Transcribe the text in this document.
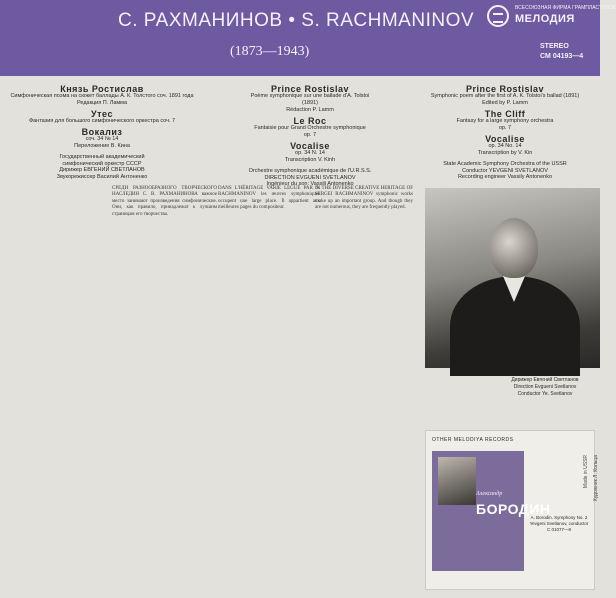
С. РАХМАНИНОВ • S. RACHMANINOV
(1873—1943)
ВСЕСОЮЗНАЯ ФИРМА ГРАМПЛАСТИНОК
МЕЛОДИЯ
STEREO
CM 04193—4
Князь Ростислав
Симфоническая поэма на сюжет баллады А. К. Толстого соч. 1891 года
Редакция П. Ламма
Утес
Фантазия для большого симфонического оркестра соч. 7
Вокализ
соч. 34 № 14
Переложение В. Кина
Государственный академический
симфонический оркестр СССР
Дирижер ЕВГЕНИЙ СВЕТЛАНОВ
Звукорежиссер Василий Антоненко
Prince Rostislav
Poème symphonique sur une ballade d'A. Tolstoi
(1891)
Rédaction P. Lamm
Le Roc
Fantaisie pour Grand Orchestre symphonique
op. 7
Vocalise
op. 34 N. 14
Transcription V. Kinh
Orchestre symphonique académique de l'U.R.S.S.
DIRECTION EVGUENI SVETLANOV
Ingénieur du son: Vassili Antonenko
Prince Rostislav
Symphonic poem after the first of A. K. Tolstoi's ballad (1891)
Edited by P. Lamm
The Cliff
Fantasy for a large symphony orchestra
op. 7
Vocalise
op. 34 No. 14
Transcription by V. Kin
State Academic Symphony Orchestra of the USSR
Conductor YEVGENI SVETLANOV
Recording engineer Vassily Antonenko
СРЕДИ РАЗНООБРАЗНОГО ТВОРЧЕСКОГО НАСЛЕДИЯ С. В. РАХМАНИНОВА важное место занимают произведения симфонические. Они, как правило, принадлежат к лучшим страницам его творчества.
DANS L'HÉRITAGE VARIÉ LEGUÉ PAR S. RACHMANINOV les œuvres symphoniques occupent une large place. Il appartient aux meilleures pages du compositeur.
IN THE DIVERSE CREATIVE HERITAGE OF SERGEI RACHMANINOV symphonic works make up an important group. And though they are not numerous, they are frequently played.
Дирижер Евгений Светланов
Direction Evgueni Svetlanov
Conductor Ye. Svetlanov
OTHER MELODIYA RECORDS
Александр
БОРОДИН
A. Borodin. Symphony No. 2
Yevgeni Svetlanov, conductor
C 01077—8
Made in USSR Художник Л. Кольца
